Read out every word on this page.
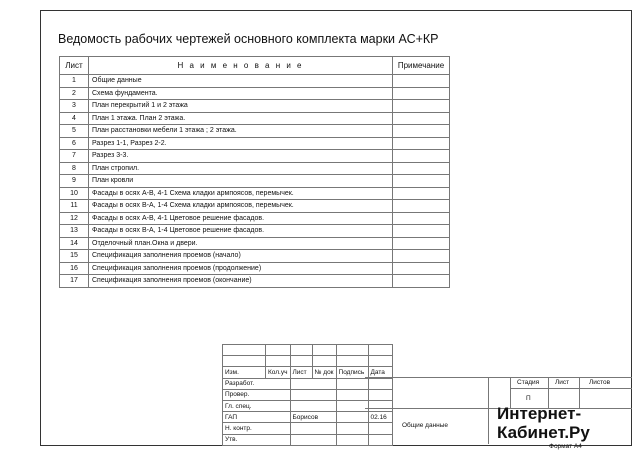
Ведомость рабочих чертежей основного комплекта марки АС+КР
Лист	Н а и м е н о в а н и е	Примечание
1	Общие данные	
2	Схема фундамента.	
3	План перекрытий 1 и 2 этажа	
4	План 1 этажа. План 2 этажа.	
5	План расстановки мебели 1 этажа ; 2 этажа.	
6	Разрез 1-1, Разрез 2-2.	
7	Разрез 3-3.	
8	План стропил.	
9	План кровли	
10	Фасады в осях А-В, 4-1 Схема кладки армпоясов, перемычек.	
11	Фасады в осях В-А, 1-4 Схема кладки армпоясов, перемычек.	
12	Фасады в осях А-В, 4-1 Цветовое решение фасадов.	
13	Фасады в осях В-А, 1-4 Цветовое решение фасадов.	
14	Отделочный план.Окна и двери.	
15	Спецификация заполнения проемов (начало)	
16	Спецификация заполнения проемов (продолжение)	
17	Спецификация заполнения проемов (окончание)	

Изм.	Кол.уч	Лист	№ док	Подпись	Дата
Разработ.					
Провер.					
Гл. спец.					
ГАП		Борисов			02.16
Н. контр.					
Утв.					
Стадия Лист	Листов
П
Общие данные
Формат А4
Интернет-
Кабинет.Ру
